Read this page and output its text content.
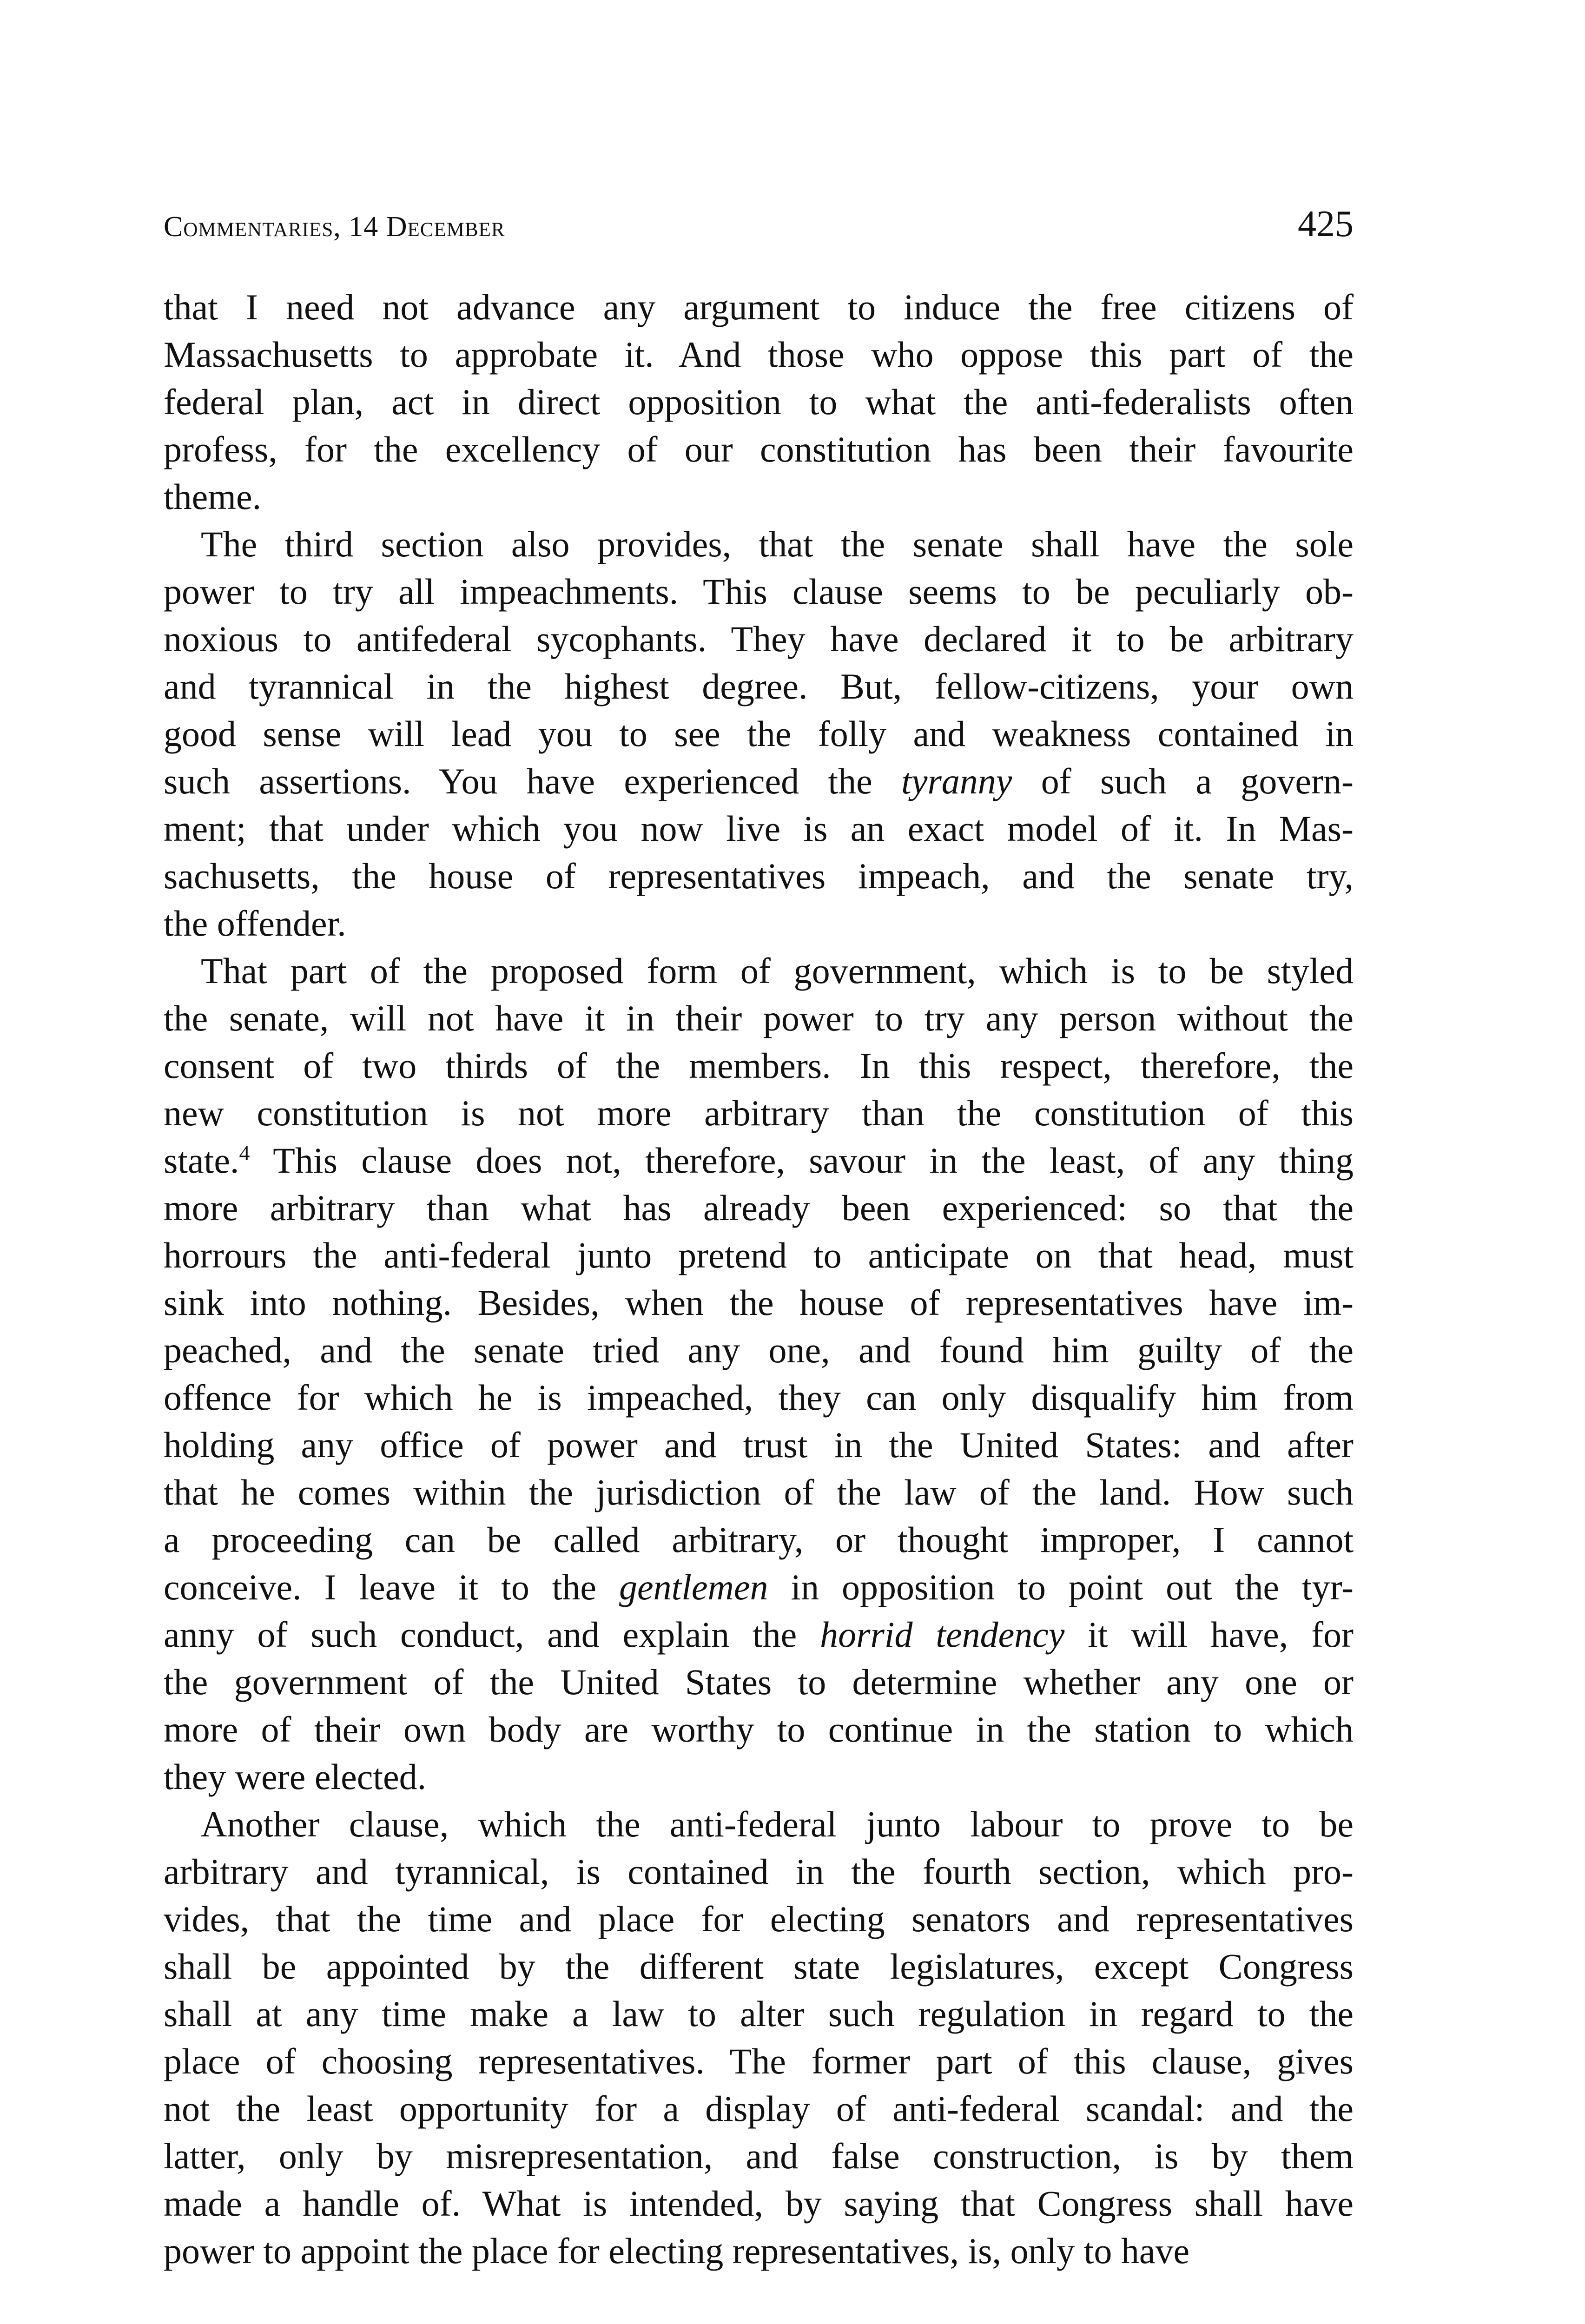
Commentaries, 14 December	425
that I need not advance any argument to induce the free citizens of
Massachusetts to approbate it. And those who oppose this part of the
federal plan, act in direct opposition to what the anti-federalists often
profess, for the excellency of our constitution has been their favourite
theme.
The third section also provides, that the senate shall have the sole
power to try all impeachments. This clause seems to be peculiarly ob-
noxious to antifederal sycophants. They have declared it to be arbitrary
and tyrannical in the highest degree. But, fellow-citizens, your own
good sense will lead you to see the folly and weakness contained in
such assertions. You have experienced the tyranny of such a govern-
ment; that under which you now live is an exact model of it. In Mas-
sachusetts, the house of representatives impeach, and the senate try,
the offender.
That part of the proposed form of government, which is to be styled
the senate, will not have it in their power to try any person without the
consent of two thirds of the members. In this respect, therefore, the
new constitution is not more arbitrary than the constitution of this
state.$^4$ This clause does not, therefore, savour in the least, of any thing
more arbitrary than what has already been experienced: so that the
horrours the anti-federal junto pretend to anticipate on that head, must
sink into nothing. Besides, when the house of representatives have im-
peached, and the senate tried any one, and found him guilty of the
offence for which he is impeached, they can only disqualify him from
holding any office of power and trust in the United States: and after
that he comes within the jurisdiction of the law of the land. How such
a proceeding can be called arbitrary, or thought improper, I cannot
conceive. I leave it to the gentlemen in opposition to point out the tyr-
anny of such conduct, and explain the horrid tendency it will have, for
the government of the United States to determine whether any one or
more of their own body are worthy to continue in the station to which
they were elected.
Another clause, which the anti-federal junto labour to prove to be
arbitrary and tyrannical, is contained in the fourth section, which pro-
vides, that the time and place for electing senators and representatives
shall be appointed by the different state legislatures, except Congress
shall at any time make a law to alter such regulation in regard to the
place of choosing representatives. The former part of this clause, gives
not the least opportunity for a display of anti-federal scandal: and the
latter, only by misrepresentation, and false construction, is by them
made a handle of. What is intended, by saying that Congress shall have
power to appoint the place for electing representatives, is, only to have
